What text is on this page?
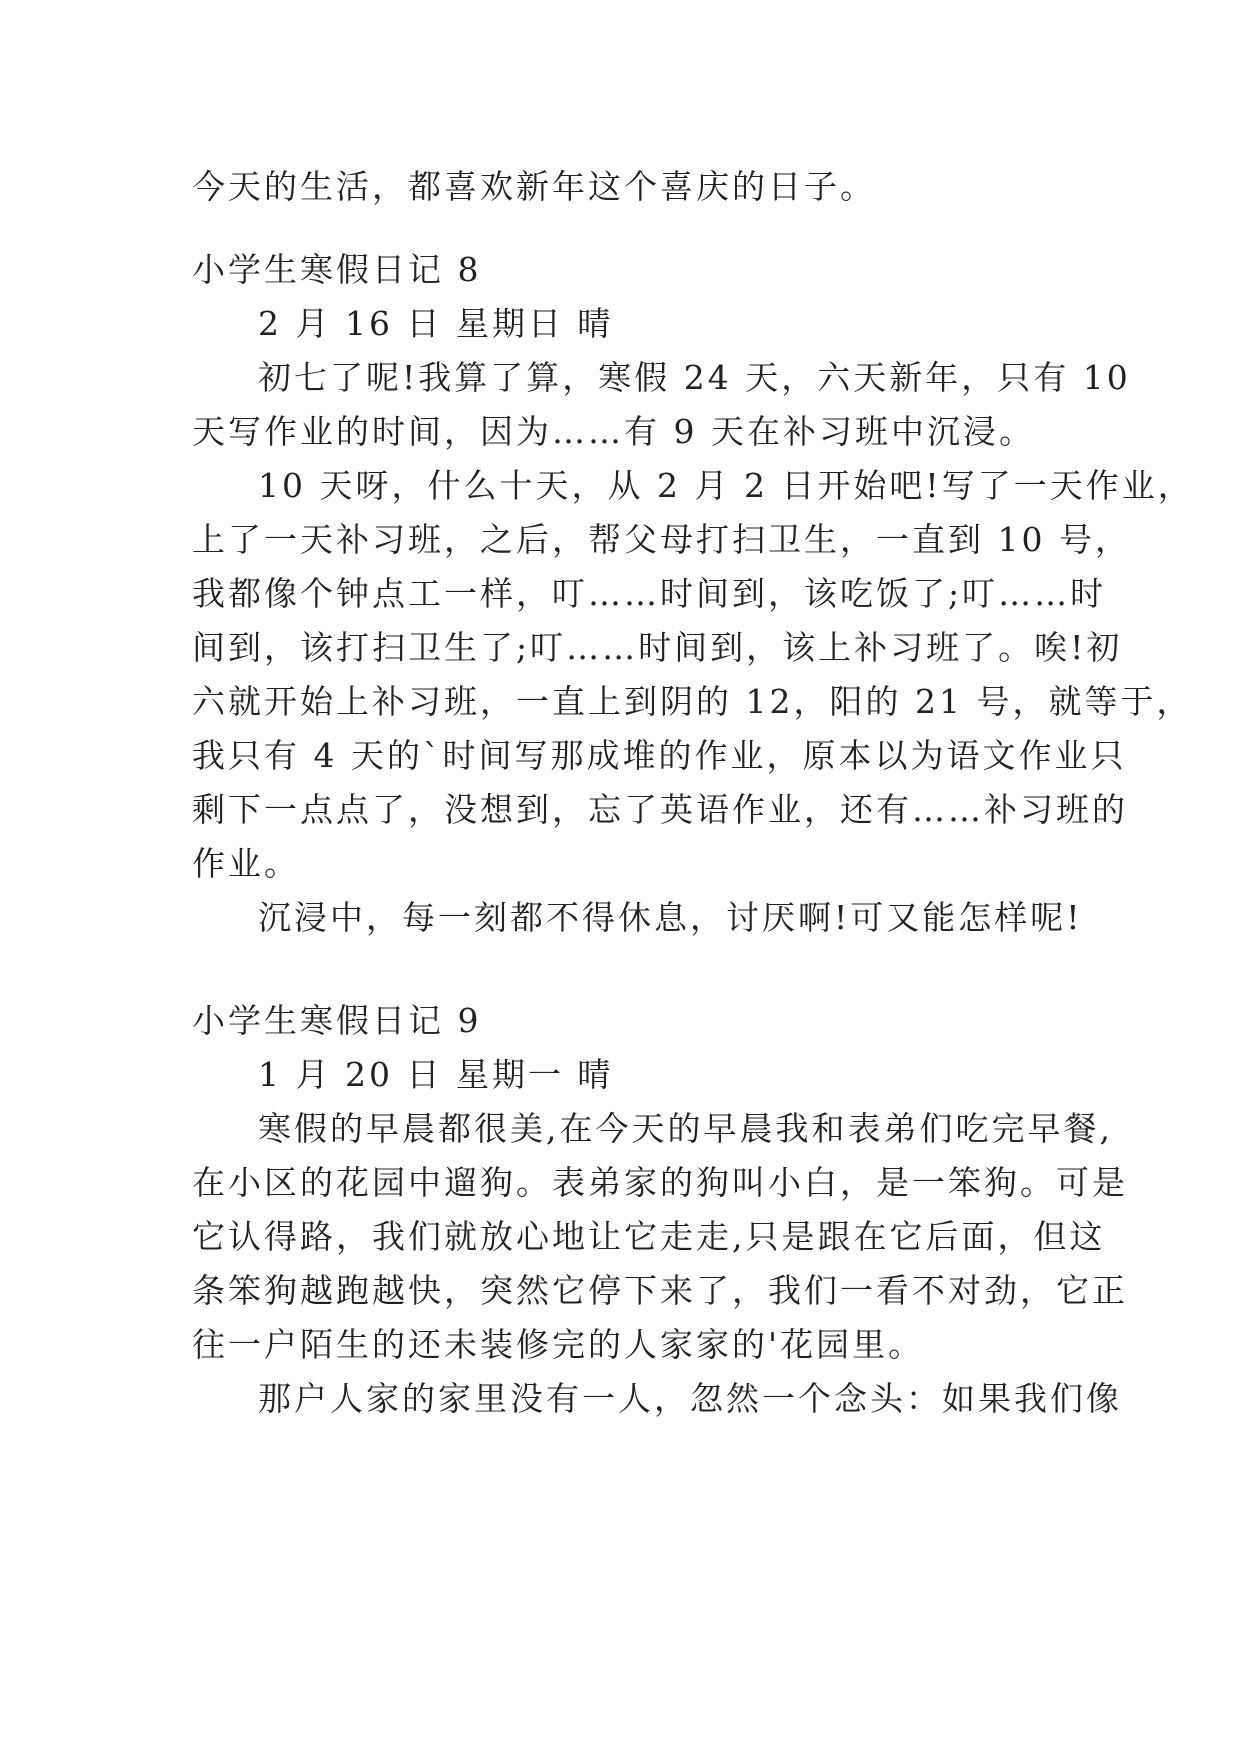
今天的生活，都喜欢新年这个喜庆的日子。

小学生寒假日记 8

2 月 16 日 星期日 晴

初七了呢!我算了算，寒假 24 天，六天新年，只有 10

天写作业的时间，因为……有 9 天在补习班中沉浸。

10 天呀，什么十天，从 2 月 2 日开始吧!写了一天作业，

上了一天补习班，之后，帮父母打扫卫生，一直到 10 号，

我都像个钟点工一样，叮……时间到，该吃饭了;叮……时

间到，该打扫卫生了;叮……时间到，该上补习班了。唉!初

六就开始上补习班，一直上到阴的 12，阳的 21 号，就等于，

我只有 4 天的`时间写那成堆的作业，原本以为语文作业只

剩下一点点了，没想到，忘了英语作业，还有……补习班的

作业。

沉浸中，每一刻都不得休息，讨厌啊!可又能怎样呢!

小学生寒假日记 9

1 月 20 日 星期一 晴

寒假的早晨都很美,在今天的早晨我和表弟们吃完早餐,

在小区的花园中遛狗。表弟家的狗叫小白，是一笨狗。可是

它认得路，我们就放心地让它走走,只是跟在它后面，但这

条笨狗越跑越快，突然它停下来了，我们一看不对劲，它正

往一户陌生的还未装修完的人家家的'花园里。

那户人家的家里没有一人，忽然一个念头：如果我们像
